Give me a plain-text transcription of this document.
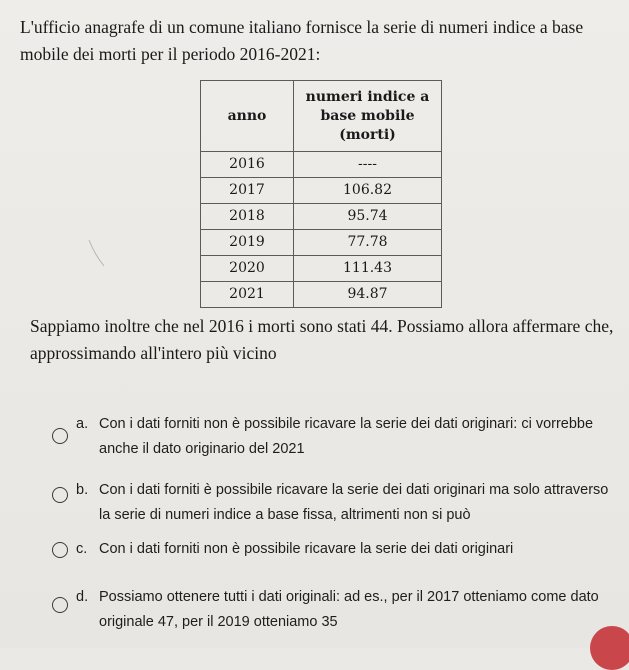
L'ufficio anagrafe di un comune italiano fornisce la serie di numeri indice a base mobile dei morti per il periodo 2016-2021:

anno	numeri indice a base mobile (morti)
2016	----
2017	106.82
2018	95.74
2019	77.78
2020	111.43
2021	94.87

Sappiamo inoltre che nel 2016 i morti sono stati 44. Possiamo allora affermare che, approssimando all'intero più vicino

a. Con i dati forniti non è possibile ricavare la serie dei dati originari: ci vorrebbe anche il dato originario del 2021
b. Con i dati forniti è possibile ricavare la serie dei dati originari ma solo attraverso la serie di numeri indice a base fissa, altrimenti non si può
c. Con i dati forniti non è possibile ricavare la serie dei dati originari
d. Possiamo ottenere tutti i dati originali: ad es., per il 2017 otteniamo come dato originale 47, per il 2019 otteniamo 35
